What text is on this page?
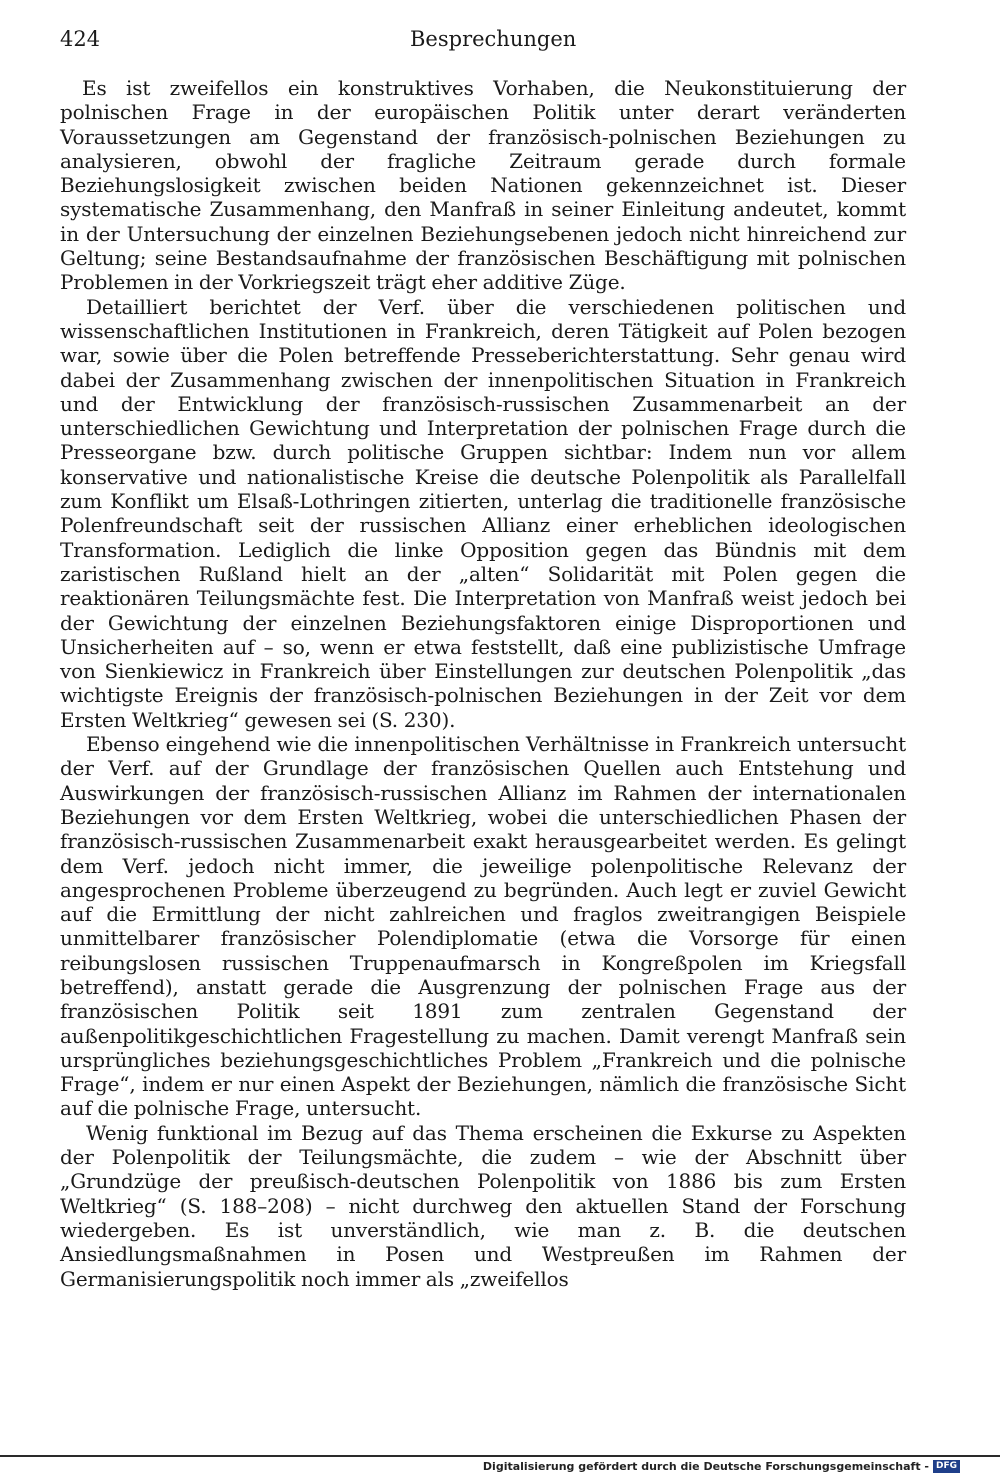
424	Besprechungen

Es ist zweifellos ein konstruktives Vorhaben, die Neukonstituierung der polnischen Frage in der europäischen Politik unter derart veränderten Voraussetzungen am Gegenstand der französisch-polnischen Beziehungen zu analysieren, obwohl der fragliche Zeitraum gerade durch formale Beziehungslosigkeit zwischen beiden Nationen gekennzeichnet ist. Dieser systematische Zusammenhang, den Manfraß in seiner Einleitung andeutet, kommt in der Untersuchung der einzelnen Beziehungsebenen jedoch nicht hinreichend zur Geltung; seine Bestandsaufnahme der französischen Beschäftigung mit polnischen Problemen in der Vorkriegszeit trägt eher additive Züge.

Detailliert berichtet der Verf. über die verschiedenen politischen und wissenschaftlichen Institutionen in Frankreich, deren Tätigkeit auf Polen bezogen war, sowie über die Polen betreffende Presseberichterstattung. Sehr genau wird dabei der Zusammenhang zwischen der innenpolitischen Situation in Frankreich und der Entwicklung der französisch-russischen Zusammenarbeit an der unterschiedlichen Gewichtung und Interpretation der polnischen Frage durch die Presseorgane bzw. durch politische Gruppen sichtbar: Indem nun vor allem konservative und nationalistische Kreise die deutsche Polenpolitik als Parallelfall zum Konflikt um Elsaß-Lothringen zitierten, unterlag die traditionelle französische Polenfreundschaft seit der russischen Allianz einer erheblichen ideologischen Transformation. Lediglich die linke Opposition gegen das Bündnis mit dem zaristischen Rußland hielt an der „alten“ Solidarität mit Polen gegen die reaktionären Teilungsmächte fest. Die Interpretation von Manfraß weist jedoch bei der Gewichtung der einzelnen Beziehungsfaktoren einige Disproportionen und Unsicherheiten auf – so, wenn er etwa feststellt, daß eine publizistische Umfrage von Sienkiewicz in Frankreich über Einstellungen zur deutschen Polenpolitik „das wichtigste Ereignis der französisch-polnischen Beziehungen in der Zeit vor dem Ersten Weltkrieg“ gewesen sei (S. 230).

Ebenso eingehend wie die innenpolitischen Verhältnisse in Frankreich untersucht der Verf. auf der Grundlage der französischen Quellen auch Entstehung und Auswirkungen der französisch-russischen Allianz im Rahmen der internationalen Beziehungen vor dem Ersten Weltkrieg, wobei die unterschiedlichen Phasen der französisch-russischen Zusammenarbeit exakt herausgearbeitet werden. Es gelingt dem Verf. jedoch nicht immer, die jeweilige polenpolitische Relevanz der angesprochenen Probleme überzeugend zu begründen. Auch legt er zuviel Gewicht auf die Ermittlung der nicht zahlreichen und fraglos zweitrangigen Beispiele unmittelbarer französischer Polendiplomatie (etwa die Vorsorge für einen reibungslosen russischen Truppenaufmarsch in Kongreßpolen im Kriegsfall betreffend), anstatt gerade die Ausgrenzung der polnischen Frage aus der französischen Politik seit 1891 zum zentralen Gegenstand der außenpolitikgeschichtlichen Fragestellung zu machen. Damit verengt Manfraß sein ursprüngliches beziehungsgeschichtliches Problem „Frankreich und die polnische Frage“, indem er nur einen Aspekt der Beziehungen, nämlich die französische Sicht auf die polnische Frage, untersucht.

Wenig funktional im Bezug auf das Thema erscheinen die Exkurse zu Aspekten der Polenpolitik der Teilungsmächte, die zudem – wie der Abschnitt über „Grundzüge der preußisch-deutschen Polenpolitik von 1886 bis zum Ersten Weltkrieg“ (S. 188–208) – nicht durchweg den aktuellen Stand der Forschung wiedergeben. Es ist unverständlich, wie man z. B. die deutschen Ansiedlungsmaßnahmen in Posen und Westpreußen im Rahmen der Germanisierungspolitik noch immer als „zweifellos

Digitalisierung gefördert durch die Deutsche Forschungsgemeinschaft - DFG
